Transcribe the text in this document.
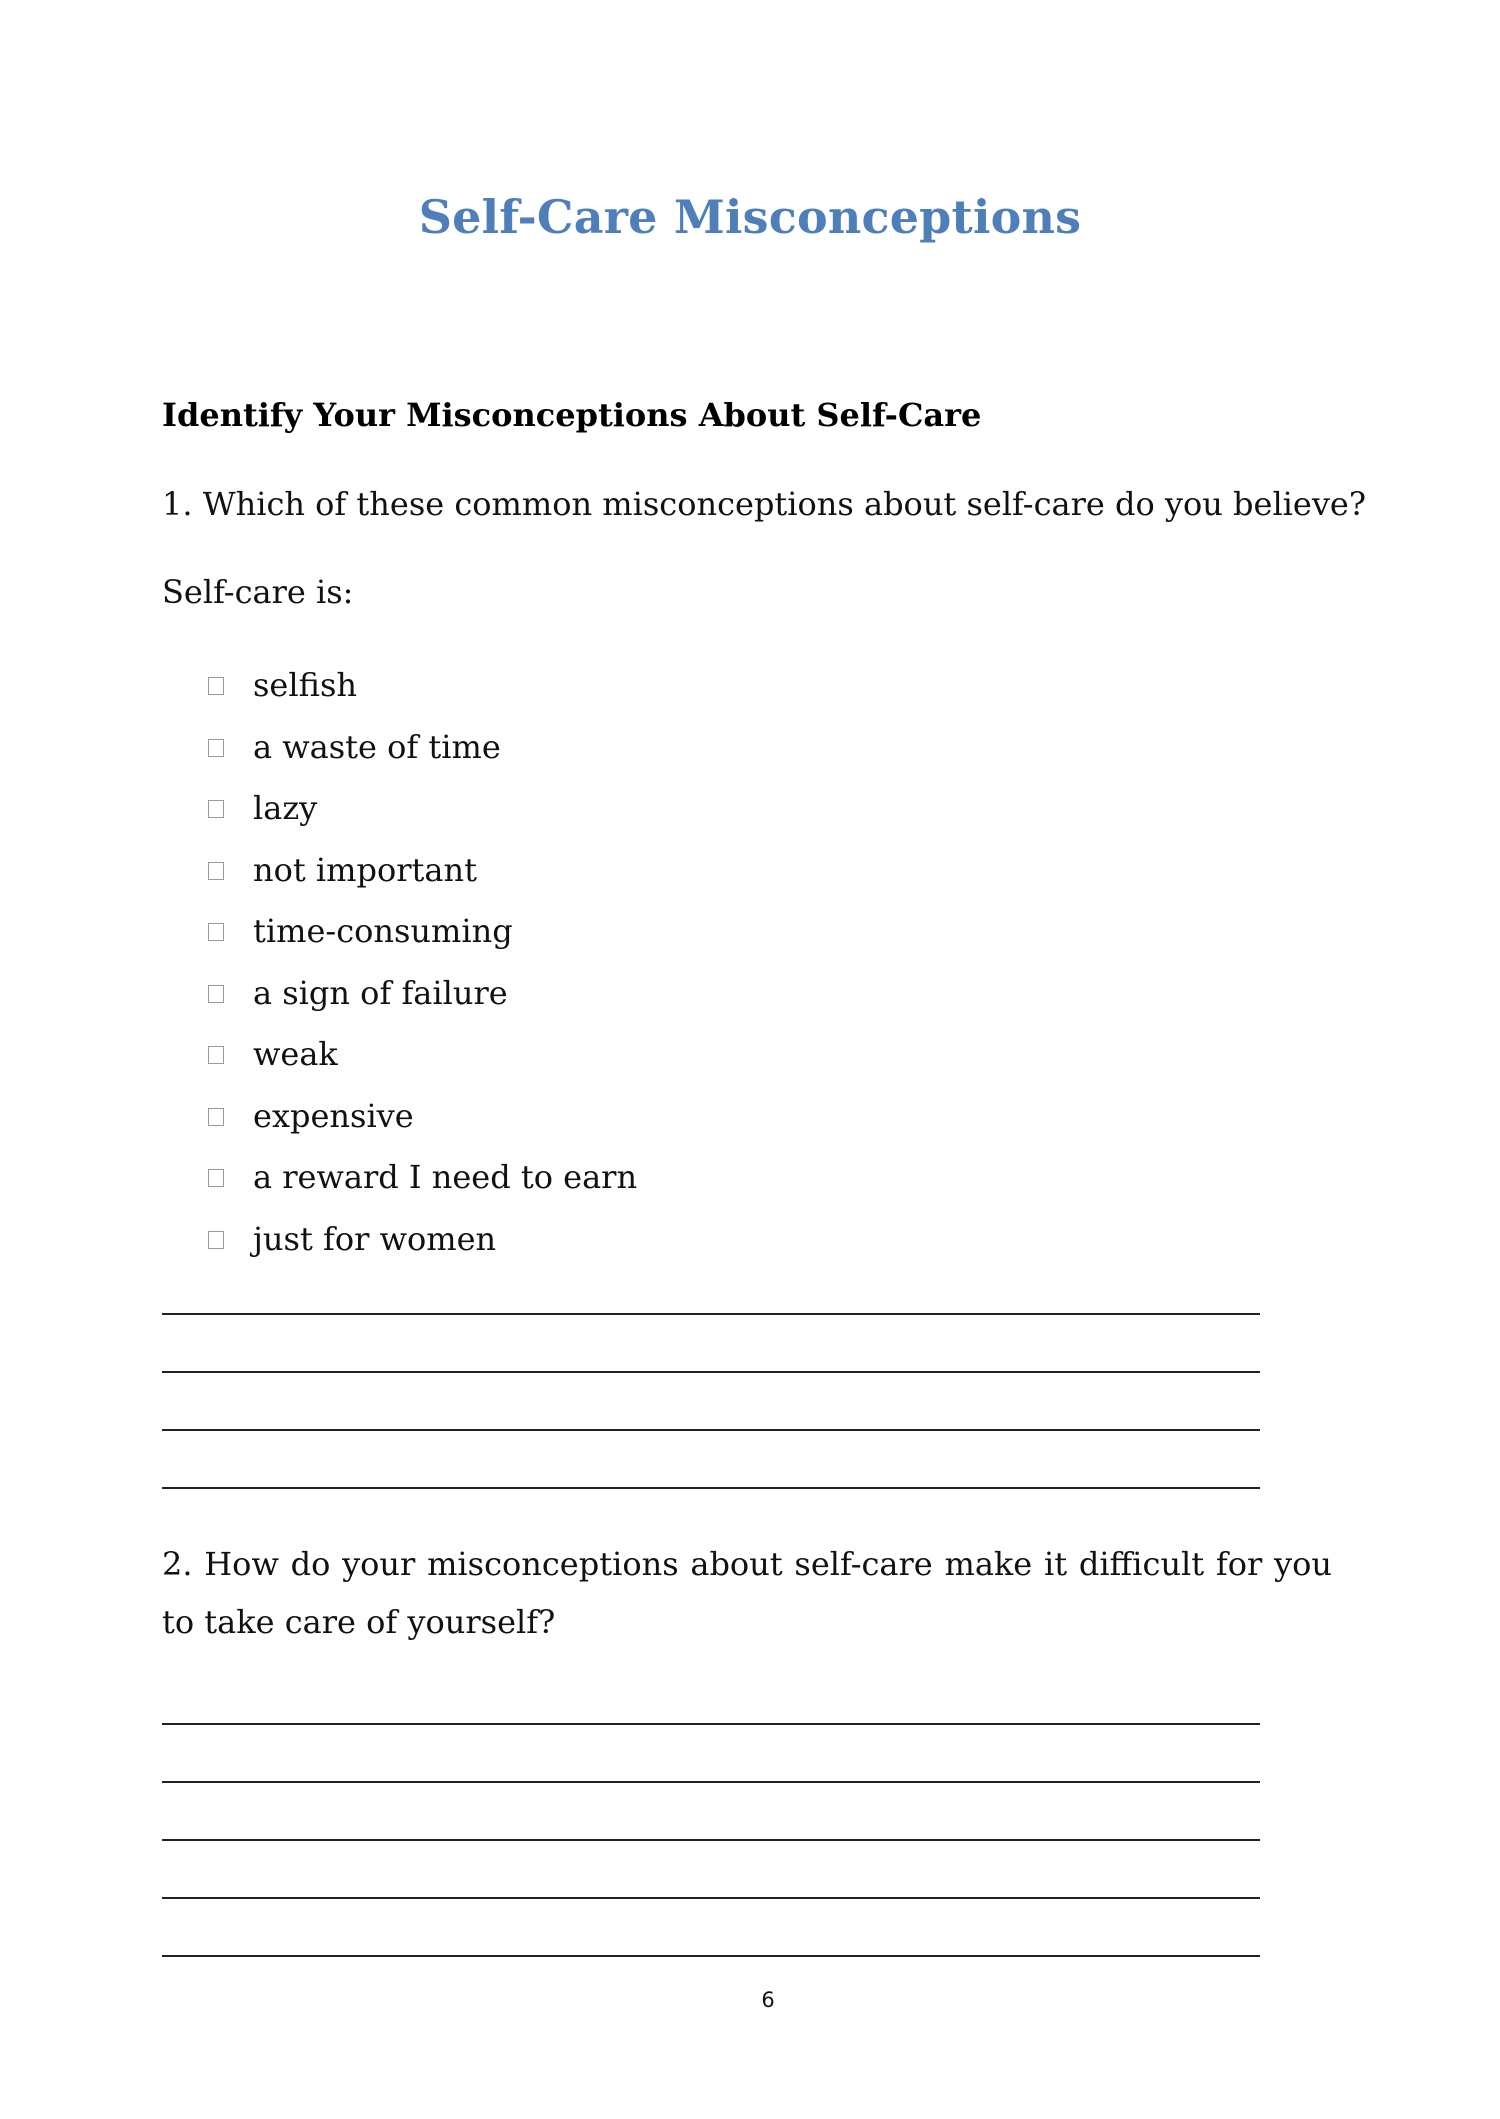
Self-Care Misconceptions
Identify Your Misconceptions About Self-Care
1. Which of these common misconceptions about self-care do you believe?
Self-care is:
selfish
a waste of time
lazy
not important
time-consuming
a sign of failure
weak
expensive
a reward I need to earn
just for women
2. How do your misconceptions about self-care make it difficult for you to take care of yourself?
6
